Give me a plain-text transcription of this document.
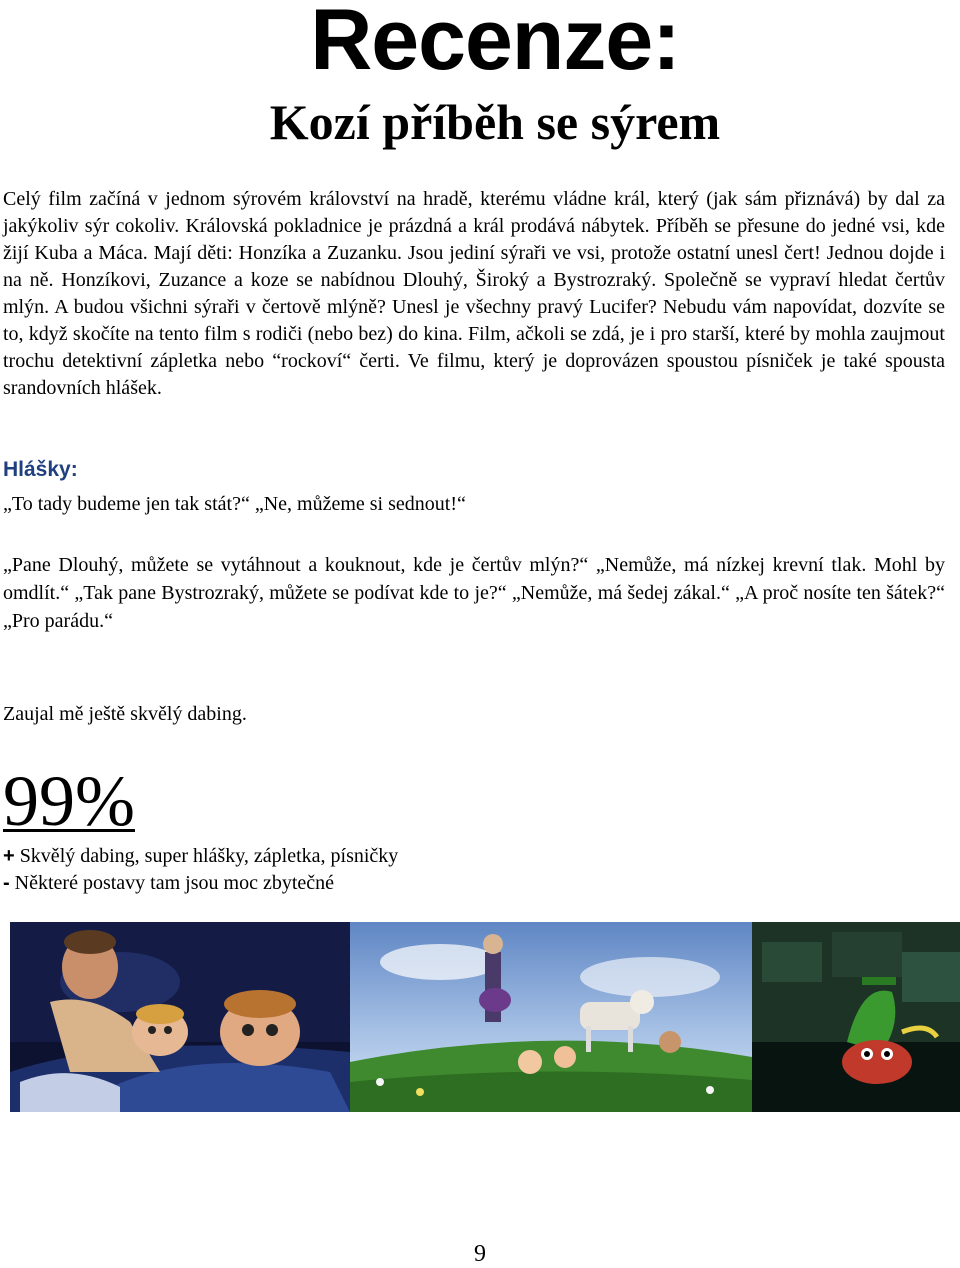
Recenze:
Kozí příběh se sýrem

Celý film začíná v jednom sýrovém království na hradě, kterému vládne král, který (jak sám přiznává) by dal za jakýkoliv sýr cokoliv. Královská pokladnice je prázdná a král prodává nábytek. Příběh se přesune do jedné vsi, kde žijí Kuba a Máca. Mají děti: Honzíka a Zuzanku. Jsou jediní sýraři ve vsi, protože ostatní unesl čert! Jednou dojde i na ně. Honzíkovi, Zuzance a koze se nabídnou Dlouhý, Široký a Bystrozraký. Společně se vypraví hledat čertův mlýn. A budou všichni sýraři v čertově mlýně? Unesl je všechny pravý Lucifer? Nebudu vám napovídat, dozvíte se to, když skočíte na tento film s rodiči (nebo bez) do kina. Film, ačkoli se zdá, je i pro starší, které by mohla zaujmout trochu detektivní zápletka nebo “rockoví“ čerti. Ve filmu, který je doprovázen spoustou písniček je také spousta srandovních hlášek.

Hlášky:

„To tady budeme jen tak stát?“ „Ne, můžeme si sednout!“

„Pane Dlouhý, můžete se vytáhnout a kouknout, kde je čertův mlýn?“ „Nemůže, má nízkej krevní tlak. Mohl by omdlít.“ „Tak pane Bystrozraký, můžete se podívat kde to je?“ „Nemůže, má šedej zákal.“ „A proč nosíte ten šátek?“ „Pro parádu.“

Zaujal mě ještě skvělý dabing.

99%

+ Skvělý dabing, super hlášky, zápletka, písničky

- Některé postavy tam jsou moc zbytečné

9
